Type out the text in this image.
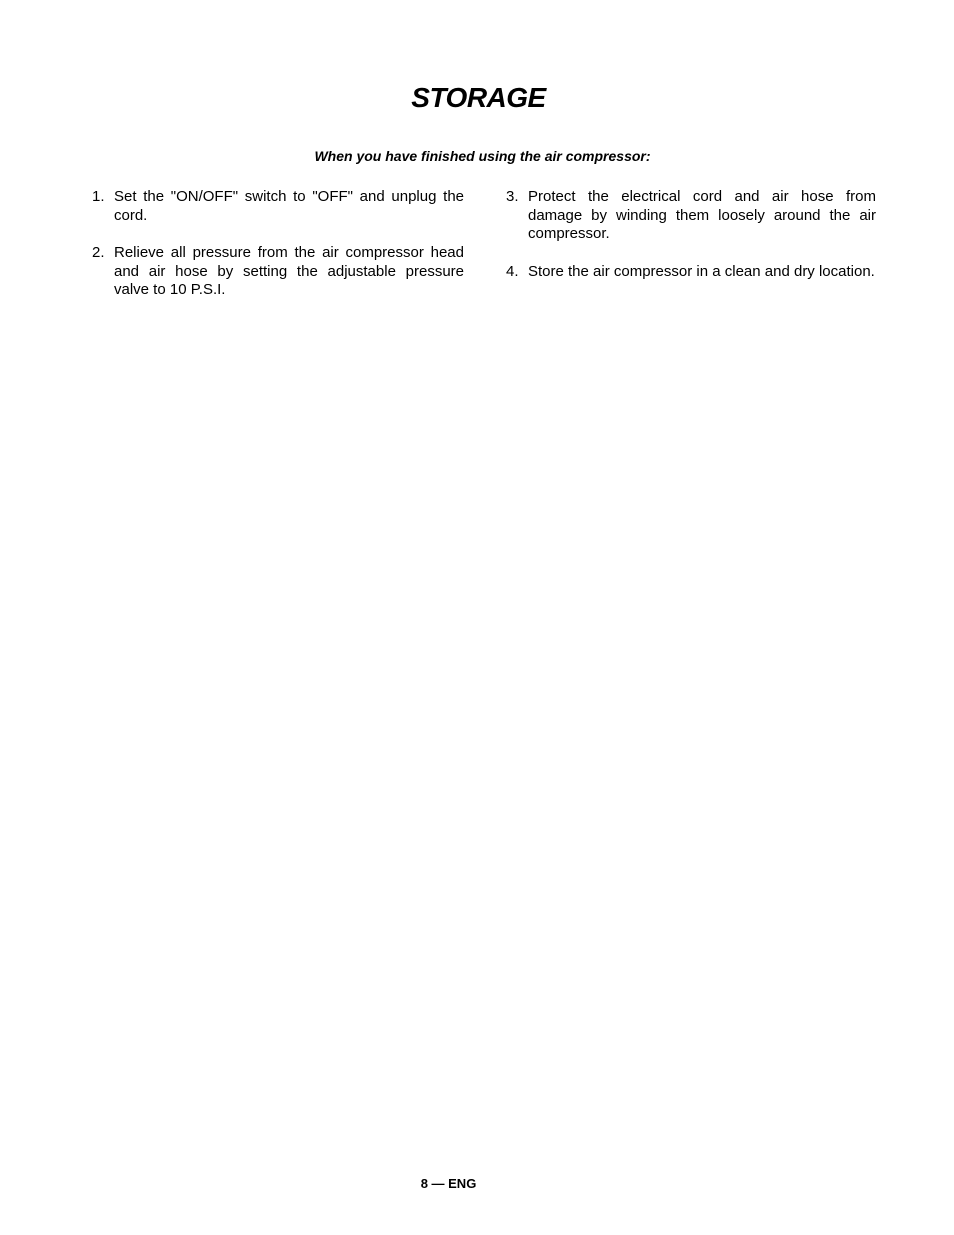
STORAGE

When you have finished using the air compressor:

1. Set the "ON/OFF" switch to "OFF" and unplug the cord.
2. Relieve all pressure from the air compressor head and air hose by setting the adjustable pressure valve to 10 P.S.I.
3. Protect the electrical cord and air hose from damage by winding them loosely around the air compressor.
4. Store the air compressor in a clean and dry location.

8 — ENG
